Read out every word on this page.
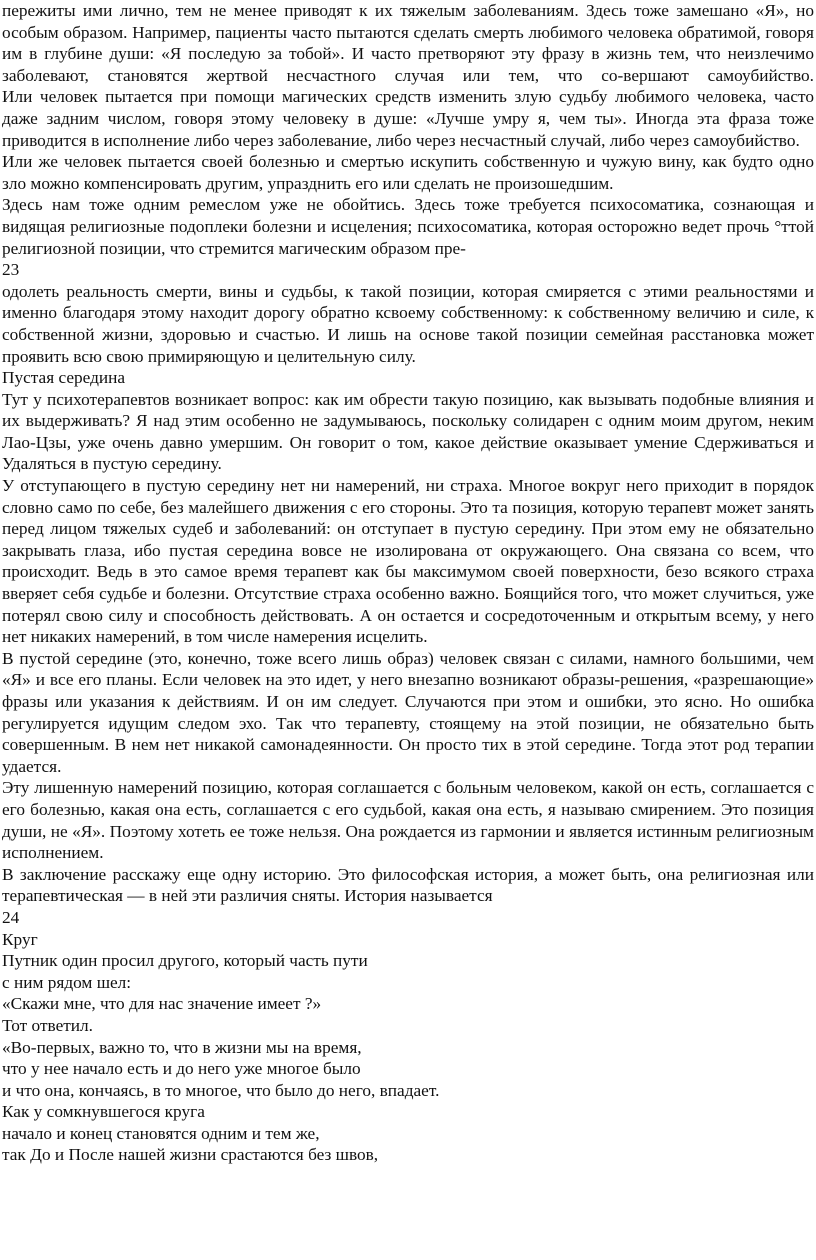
пережиты ими лично, тем не менее приводят к их тяжелым заболеваниям. Здесь тоже замешано «Я», но особым образом. Например, пациенты часто пытаются сделать смерть любимого человека обратимой, говоря им в глубине души: «Я последую за тобой». И часто претворяют эту фразу в жизнь тем, что неизлечимо заболевают, становятся жертвой несчастного случая или тем, что со-вершают самоубийство.

Или человек пытается при помощи магических средств изменить злую судьбу любимого человека, часто даже задним числом, говоря этому человеку в душе: «Лучше умру я, чем ты». Иногда эта фраза тоже приводится в исполнение либо через заболевание, либо через несчастный случай, либо через самоубийство.

Или же человек пытается своей болезнью и смертью искупить собственную и чужую вину, как будто одно зло можно компенсировать другим, упразднить его или сделать не произошедшим.

Здесь нам тоже одним ремеслом уже не обойтись. Здесь тоже требуется психосоматика, сознающая и видящая религиозные подоплеки болезни и исцеления; психосоматика, которая осторожно ведет прочь °ттой религиозной позиции, что стремится магическим образом пре-

23

одолеть реальность смерти, вины и судьбы, к такой позиции, которая смиряется с этими реальностями и именно благодаря этому находит дорогу обратно ксвоему собственному: к собственному величию и силе, к собственной жизни, здоровью и счастью. И лишь на основе такой позиции семейная расстановка может проявить всю свою примиряющую и целительную силу.

Пустая середина

Тут у психотерапевтов возникает вопрос: как им обрести такую позицию, как вызывать подобные влияния и их выдерживать? Я над этим особенно не задумываюсь, поскольку солидарен с одним моим другом, неким Лао-Цзы, уже очень давно умершим. Он говорит о том, какое действие оказывает умение Сдерживаться и Удаляться в пустую середину.

У отступающего в пустую середину нет ни намерений, ни страха. Многое вокруг него приходит в порядок словно само по себе, без малейшего движения с его стороны. Это та позиция, которую терапевт может занять перед лицом тяжелых судеб и заболеваний: он отступает в пустую середину. При этом ему не обязательно закрывать глаза, ибо пустая середина вовсе не изолирована от окружающего. Она связана со всем, что происходит. Ведь в это самое время терапевт как бы максимумом своей поверхности, безо всякого страха вверяет себя судьбе и болезни. Отсутствие страха особенно важно. Боящийся того, что может случиться, уже потерял свою силу и способность действовать. А он остается и сосредоточенным и открытым всему, у него нет никаких намерений, в том числе намерения исцелить.

В пустой середине (это, конечно, тоже всего лишь образ) человек связан с силами, намного большими, чем «Я» и все его планы. Если человек на это идет, у него внезапно возникают образы-решения, «разрешающие» фразы или указания к действиям. И он им следует. Случаются при этом и ошибки, это ясно. Но ошибка регулируется идущим следом эхо. Так что терапевту, стоящему на этой позиции, не обязательно быть совершенным. В нем нет никакой самонадеянности. Он просто тих в этой середине. Тогда этот род терапии удается.

Эту лишенную намерений позицию, которая соглашается с больным человеком, какой он есть, соглашается с его болезнью, какая она есть, соглашается с его судьбой, какая она есть, я называю смирением. Это позиция души, не «Я». Поэтому хотеть ее тоже нельзя. Она рождается из гармонии и является истинным религиозным исполнением.

В заключение расскажу еще одну историю. Это философская история, а может быть, она религиозная или терапевтическая — в ней эти различия сняты. История называется

24

Круг

Путник один просил другого, который часть пути

с ним рядом шел:

«Скажи мне, что для нас значение имеет ?»

Тот ответил.

«Во-первых, важно то, что в жизни мы на время,

что у нее начало есть и до него уже многое было

и что она, кончаясь, в то многое, что было до него, впадает.

Как у сомкнувшегося круга

начало и конец становятся одним и тем же,

так До и После нашей жизни срастаются без швов,
